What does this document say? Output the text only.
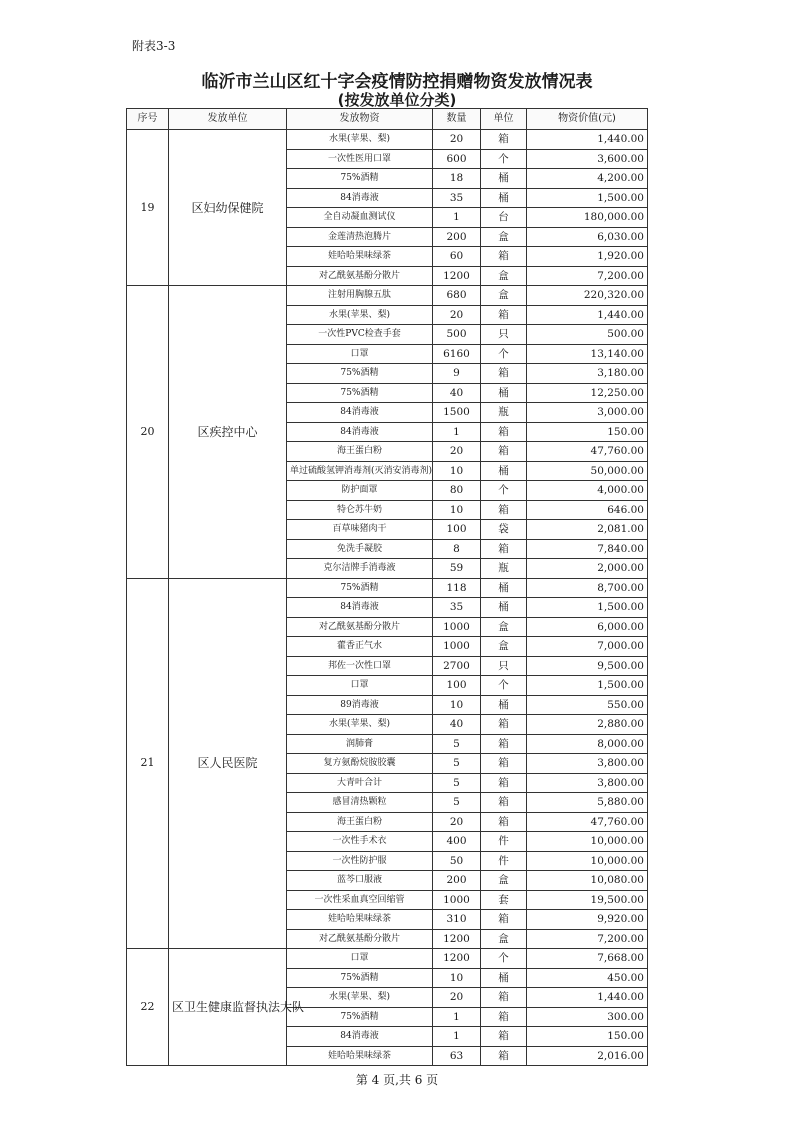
附表3-3
临沂市兰山区红十字会疫情防控捐赠物资发放情况表
(按发放单位分类)
序号	发放单位	发放物资	数量	单位	物资价值(元)
19	区妇幼保健院	水果(苹果、梨)	20	箱	1,440.00
		一次性医用口罩	600	个	3,600.00
		75%酒精	18	桶	4,200.00
		84消毒液	35	桶	1,500.00
		全自动凝血测试仪	1	台	180,000.00
		金莲清热泡腾片	200	盒	6,030.00
		娃哈哈果味绿茶	60	箱	1,920.00
		对乙酰氨基酚分散片	1200	盒	7,200.00
20	区疾控中心	注射用胸腺五肽	680	盒	220,320.00
		水果(苹果、梨)	20	箱	1,440.00
		一次性PVC检查手套	500	只	500.00
		口罩	6160	个	13,140.00
		75%酒精	9	箱	3,180.00
		75%酒精	40	桶	12,250.00
		84消毒液	1500	瓶	3,000.00
		84消毒液	1	箱	150.00
		海王蛋白粉	20	箱	47,760.00
		单过硫酸氢钾消毒剂(灭消安消毒剂)	10	桶	50,000.00
		防护面罩	80	个	4,000.00
		特仑苏牛奶	10	箱	646.00
		百草味猪肉干	100	袋	2,081.00
		免洗手凝胶	8	箱	7,840.00
		克尔洁牌手消毒液	59	瓶	2,000.00
21	区人民医院	75%酒精	118	桶	8,700.00
		84消毒液	35	桶	1,500.00
		对乙酰氨基酚分散片	1000	盒	6,000.00
		藿香正气水	1000	盒	7,000.00
		邦佐一次性口罩	2700	只	9,500.00
		口罩	100	个	1,500.00
		89消毒液	10	桶	550.00
		水果(苹果、梨)	40	箱	2,880.00
		润肺膏	5	箱	8,000.00
		复方氨酚烷胺胶囊	5	箱	3,800.00
		大青叶合计	5	箱	3,800.00
		感冒清热颗粒	5	箱	5,880.00
		海王蛋白粉	20	箱	47,760.00
		一次性手术衣	400	件	10,000.00
		一次性防护服	50	件	10,000.00
		蓝芩口服液	200	盒	10,080.00
		一次性采血真空回缩管	1000	套	19,500.00
		娃哈哈果味绿茶	310	箱	9,920.00
		对乙酰氨基酚分散片	1200	盒	7,200.00
22	区卫生健康监督执法大队	口罩	1200	个	7,668.00
		75%酒精	10	桶	450.00
		水果(苹果、梨)	20	箱	1,440.00
		75%酒精	1	箱	300.00
		84消毒液	1	箱	150.00
		娃哈哈果味绿茶	63	箱	2,016.00
第 4 页,共 6 页
